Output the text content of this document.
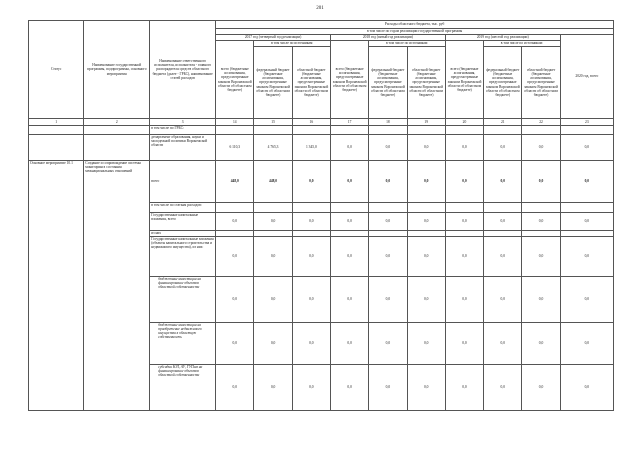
201
Статус	Наименование государственной программы, подпрограммы, основного мероприятия	Наименование ответственного исполнителя, исполнителя - главного распорядителя средств областного бюджета (далее - ГРБС), наименование статей расходов	Расходы областного бюджета, тыс. руб									
			в том числе по годам реализации государственной программы									
			2017 год (четвертый год реализации)			2018 год (пятый год реализации)			2019 год (шестой год реализации)			2020 год, всего
			всего (бюджетные ассигнования, предусмотренные законом Воронежской области об областном бюджете)	в том числе по источникам:		всего (бюджетные ассигнования, предусмотренные законом Воронежской области об областном бюджете)	в том числе по источникам:		всего (бюджетные ассигнования, предусмотренные законом Воронежской области об областном бюджете)	в том числе по источникам:		
				федеральный бюджет (бюджетные ассигнования, предусмотренные законом Воронежской области об областном бюджете)	областной бюджет (бюджетные ассигнования, предусмотренные законом Воронежской области об областном бюджете)		федеральный бюджет (бюджетные ассигнования, предусмотренные законом Воронежской области об областном бюджете)	областной бюджет (бюджетные ассигнования, предусмотренные законом Воронежской области об областном бюджете)		федеральный бюджет (бюджетные ассигнования, предусмотренные законом Воронежской области об областном бюджете)	областной бюджет (бюджетные ассигнования, предусмотренные законом Воронежской области об областном бюджете)	
1	2	3	14	15	16	17	18	19	20	21	22	23
		в том числе по ГРБС:										
		департамент образования, науки и молодежной политики Воронежской области	6 110,3	4 765,3	1 345,0	0,0	0,0	0,0	0,0	0,0	0,0	0,0
Основное мероприятие 10.1	Создание и сопровождение системы мониторинга состояния межнациональных отношений	всего	448,0	448,0	0,0	0,0	0,0	0,0	0,0	0,0	0,0	0,0
		в том числе по статьям расходов:										
		Государственные капитальные вложения, всего	0,0	0,0	0,0	0,0	0,0	0,0	0,0	0,0	0,0	0,0
		из них										
		Государственные капитальные вложения (объекты капитального строительства и недвижимого имущества), из них:	0,0	0,0	0,0	0,0	0,0	0,0	0,0	0,0	0,0	0,0
		бюджетные инвестиции на финансирование объектов областной собственности	0,0	0,0	0,0	0,0	0,0	0,0	0,0	0,0	0,0	0,0
		бюджетные инвестиции на приобретение недвижимого имущества в областную собственность	0,0	0,0	0,0	0,0	0,0	0,0	0,0	0,0	0,0	0,0
		субсидии ЮЛ, АУ, ГУПам на финансирование объектов областной собственности	0,0	0,0	0,0	0,0	0,0	0,0	0,0	0,0	0,0	0,0
